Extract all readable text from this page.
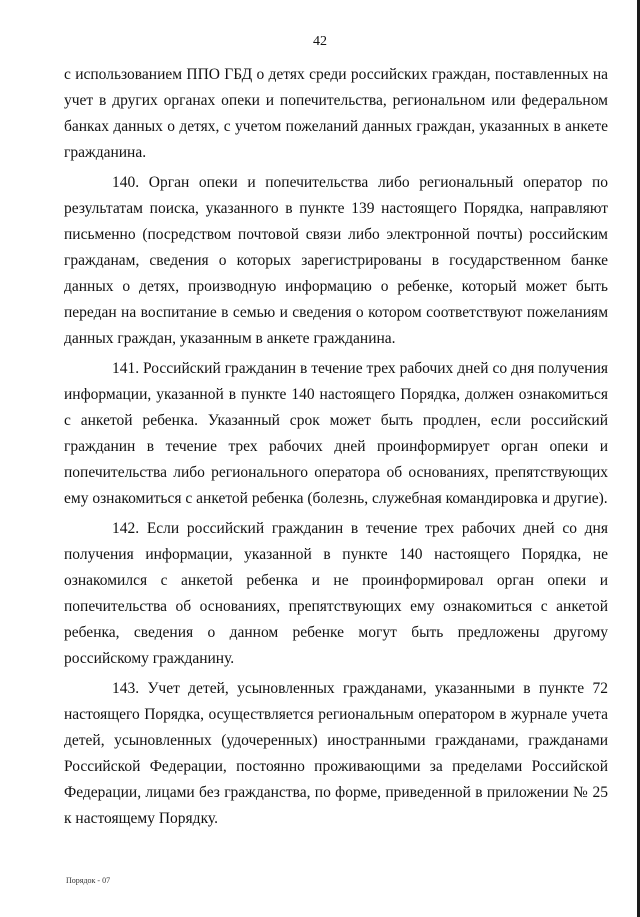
42

с использованием ППО ГБД о детях среди российских граждан, поставленных на учет в других органах опеки и попечительства, региональном или федеральном банках данных о детях, с учетом пожеланий данных граждан, указанных в анкете гражданина.

140. Орган опеки и попечительства либо региональный оператор по результатам поиска, указанного в пункте 139 настоящего Порядка, направляют письменно (посредством почтовой связи либо электронной почты) российским гражданам, сведения о которых зарегистрированы в государственном банке данных о детях, производную информацию о ребенке, который может быть передан на воспитание в семью и сведения о котором соответствуют пожеланиям данных граждан, указанным в анкете гражданина.

141. Российский гражданин в течение трех рабочих дней со дня получения информации, указанной в пункте 140 настоящего Порядка, должен ознакомиться с анкетой ребенка. Указанный срок может быть продлен, если российский гражданин в течение трех рабочих дней проинформирует орган опеки и попечительства либо регионального оператора об основаниях, препятствующих ему ознакомиться с анкетой ребенка (болезнь, служебная командировка и другие).

142. Если российский гражданин в течение трех рабочих дней со дня получения информации, указанной в пункте 140 настоящего Порядка, не ознакомился с анкетой ребенка и не проинформировал орган опеки и попечительства об основаниях, препятствующих ему ознакомиться с анкетой ребенка, сведения о данном ребенке могут быть предложены другому российскому гражданину.

143. Учет детей, усыновленных гражданами, указанными в пункте 72 настоящего Порядка, осуществляется региональным оператором в журнале учета детей, усыновленных (удочеренных) иностранными гражданами, гражданами Российской Федерации, постоянно проживающими за пределами Российской Федерации, лицами без гражданства, по форме, приведенной в приложении № 25 к настоящему Порядку.

Порядок - 07
